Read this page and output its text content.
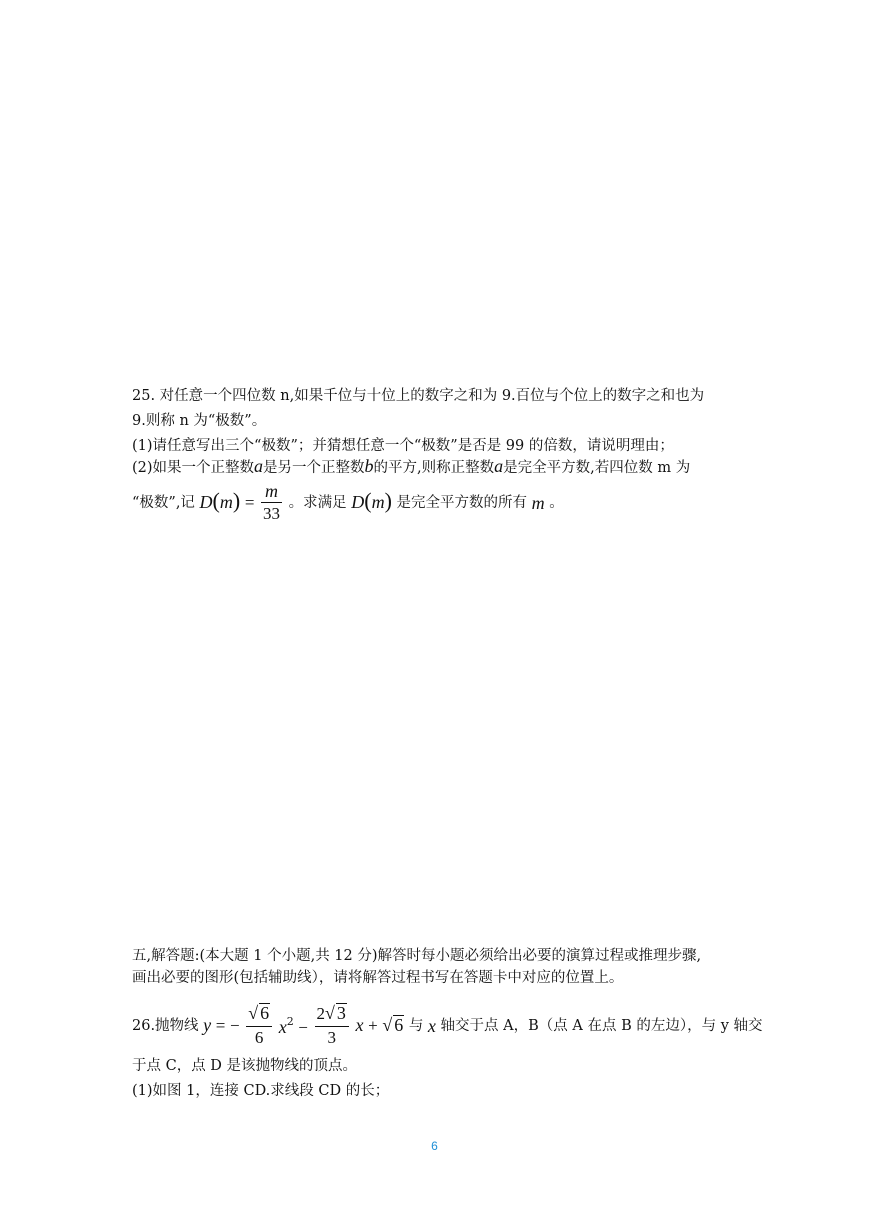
25. 对任意一个四位数 n,如果千位与十位上的数字之和为 9.百位与个位上的数字之和也为
9.则称 n 为“极数”。
(1)请任意写出三个“极数”；并猜想任意一个“极数”是否是 99 的倍数，请说明理由；
(2)如果一个正整数a是另一个正整数b的平方,则称正整数a是完全平方数,若四位数 m 为
“极数”,记 $D(m) = \frac{m}{33}$ 。求满足 D(m) 是完全平方数的所有 m 。
五,解答题:(本大题 1 个小题,共 12 分)解答时每小题必须给出必要的演算过程或推理步骤,
画出必要的图形(包括辅助线），请将解答过程书写在答题卡中对应的位置上。
26.抛物线 y = − $\frac{√ 6}{6} x^2 - \frac{2√ 3}{3}$ x + √ 6 与 x 轴交于点 A，B（点 A 在点 B 的左边），与 y 轴交
于点 C，点 D 是该抛物线的顶点。
(1)如图 1，连接 CD.求线段 CD 的长；
6
